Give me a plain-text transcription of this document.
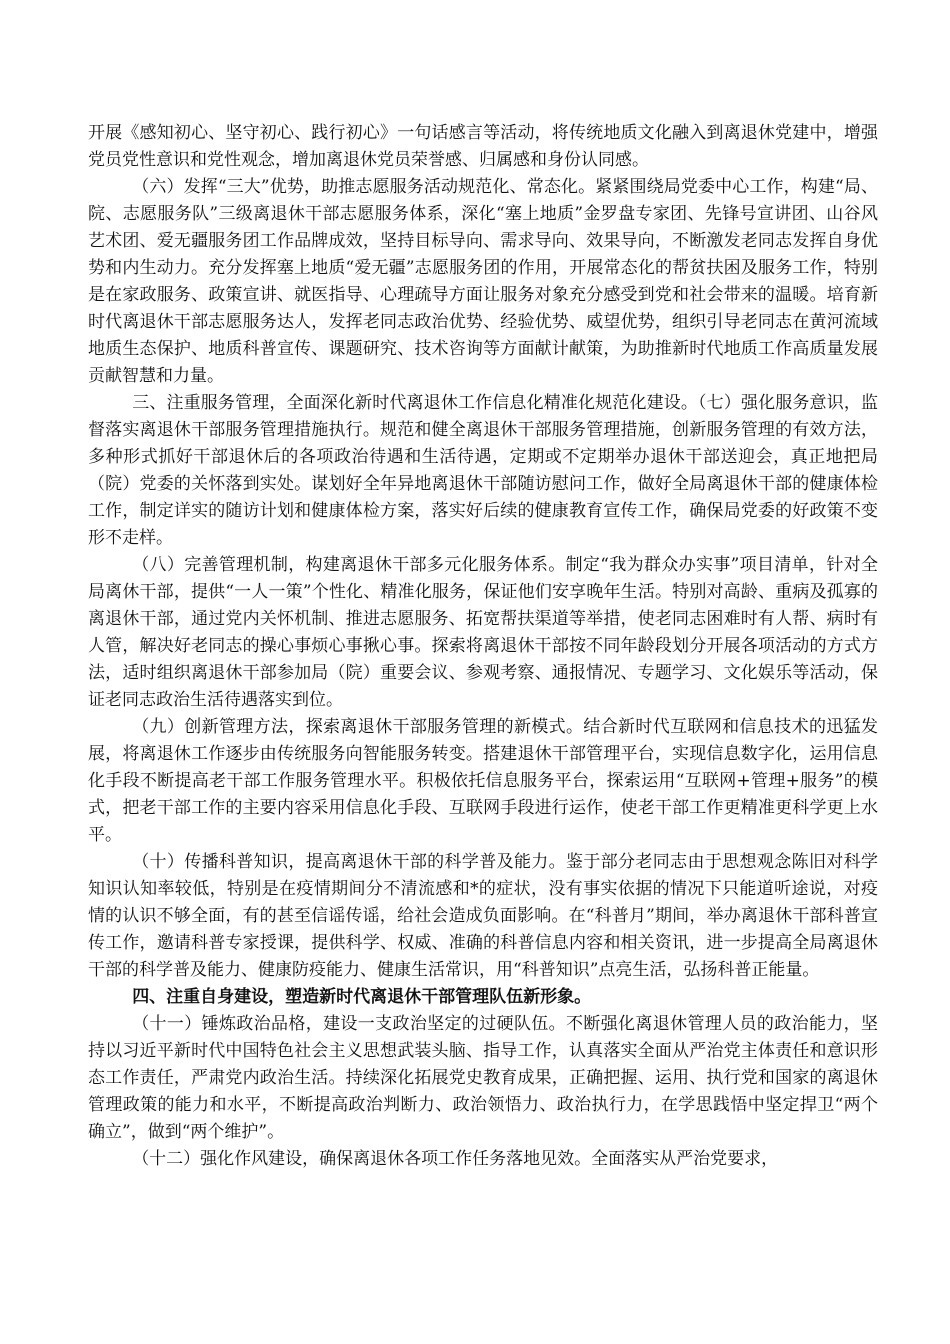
开展《感知初心、坚守初心、践行初心》一句话感言等活动，将传统地质文化融入到离退休党建中，增强党员党性意识和党性观念，增加离退休党员荣誉感、归属感和身份认同感。

（六）发挥“三大”优势，助推志愿服务活动规范化、常态化。紧紧围绕局党委中心工作，构建“局、院、志愿服务队”三级离退休干部志愿服务体系，深化“塞上地质”金罗盘专家团、先锋号宣讲团、山谷风艺术团、爱无疆服务团工作品牌成效，坚持目标导向、需求导向、效果导向，不断激发老同志发挥自身优势和内生动力。充分发挥塞上地质“爱无疆”志愿服务团的作用，开展常态化的帮贫扶困及服务工作，特别是在家政服务、政策宣讲、就医指导、心理疏导方面让服务对象充分感受到党和社会带来的温暖。培育新时代离退休干部志愿服务达人，发挥老同志政治优势、经验优势、威望优势，组织引导老同志在黄河流域地质生态保护、地质科普宣传、课题研究、技术咨询等方面献计献策，为助推新时代地质工作高质量发展贡献智慧和力量。

三、注重服务管理，全面深化新时代离退休工作信息化精准化规范化建设。（七）强化服务意识，监督落实离退休干部服务管理措施执行。规范和健全离退休干部服务管理措施，创新服务管理的有效方法，多种形式抓好干部退休后的各项政治待遇和生活待遇，定期或不定期举办退休干部送迎会，真正地把局（院）党委的关怀落到实处。谋划好全年异地离退休干部随访慰问工作，做好全局离退休干部的健康体检工作，制定详实的随访计划和健康体检方案，落实好后续的健康教育宣传工作，确保局党委的好政策不变形不走样。

（八）完善管理机制，构建离退休干部多元化服务体系。制定“我为群众办实事”项目清单，针对全局离休干部，提供“一人一策”个性化、精准化服务，保证他们安享晚年生活。特别对高龄、重病及孤寡的离退休干部，通过党内关怀机制、推进志愿服务、拓宽帮扶渠道等举措，使老同志困难时有人帮、病时有人管，解决好老同志的操心事烦心事揪心事。探索将离退休干部按不同年龄段划分开展各项活动的方式方法，适时组织离退休干部参加局（院）重要会议、参观考察、通报情况、专题学习、文化娱乐等活动，保证老同志政治生活待遇落实到位。

（九）创新管理方法，探索离退休干部服务管理的新模式。结合新时代互联网和信息技术的迅猛发展，将离退休工作逐步由传统服务向智能服务转变。搭建退休干部管理平台，实现信息数字化，运用信息化手段不断提高老干部工作服务管理水平。积极依托信息服务平台，探索运用“互联网+管理+服务”的模式，把老干部工作的主要内容采用信息化手段、互联网手段进行运作，使老干部工作更精准更科学更上水平。

（十）传播科普知识，提高离退休干部的科学普及能力。鉴于部分老同志由于思想观念陈旧对科学知识认知率较低，特别是在疫情期间分不清流感和*的症状，没有事实依据的情况下只能道听途说，对疫情的认识不够全面，有的甚至信谣传谣，给社会造成负面影响。在“科普月”期间，举办离退休干部科普宣传工作，邀请科普专家授课，提供科学、权威、准确的科普信息内容和相关资讯，进一步提高全局离退休干部的科学普及能力、健康防疫能力、健康生活常识，用“科普知识”点亮生活，弘扬科普正能量。

四、注重自身建设，塑造新时代离退休干部管理队伍新形象。

（十一）锤炼政治品格，建设一支政治坚定的过硬队伍。不断强化离退休管理人员的政治能力，坚持以习近平新时代中国特色社会主义思想武装头脑、指导工作，认真落实全面从严治党主体责任和意识形态工作责任，严肃党内政治生活。持续深化拓展党史教育成果，正确把握、运用、执行党和国家的离退休管理政策的能力和水平，不断提高政治判断力、政治领悟力、政治执行力，在学思践悟中坚定捍卫“两个确立”，做到“两个维护”。

（十二）强化作风建设，确保离退休各项工作任务落地见效。全面落实从严治党要求，
